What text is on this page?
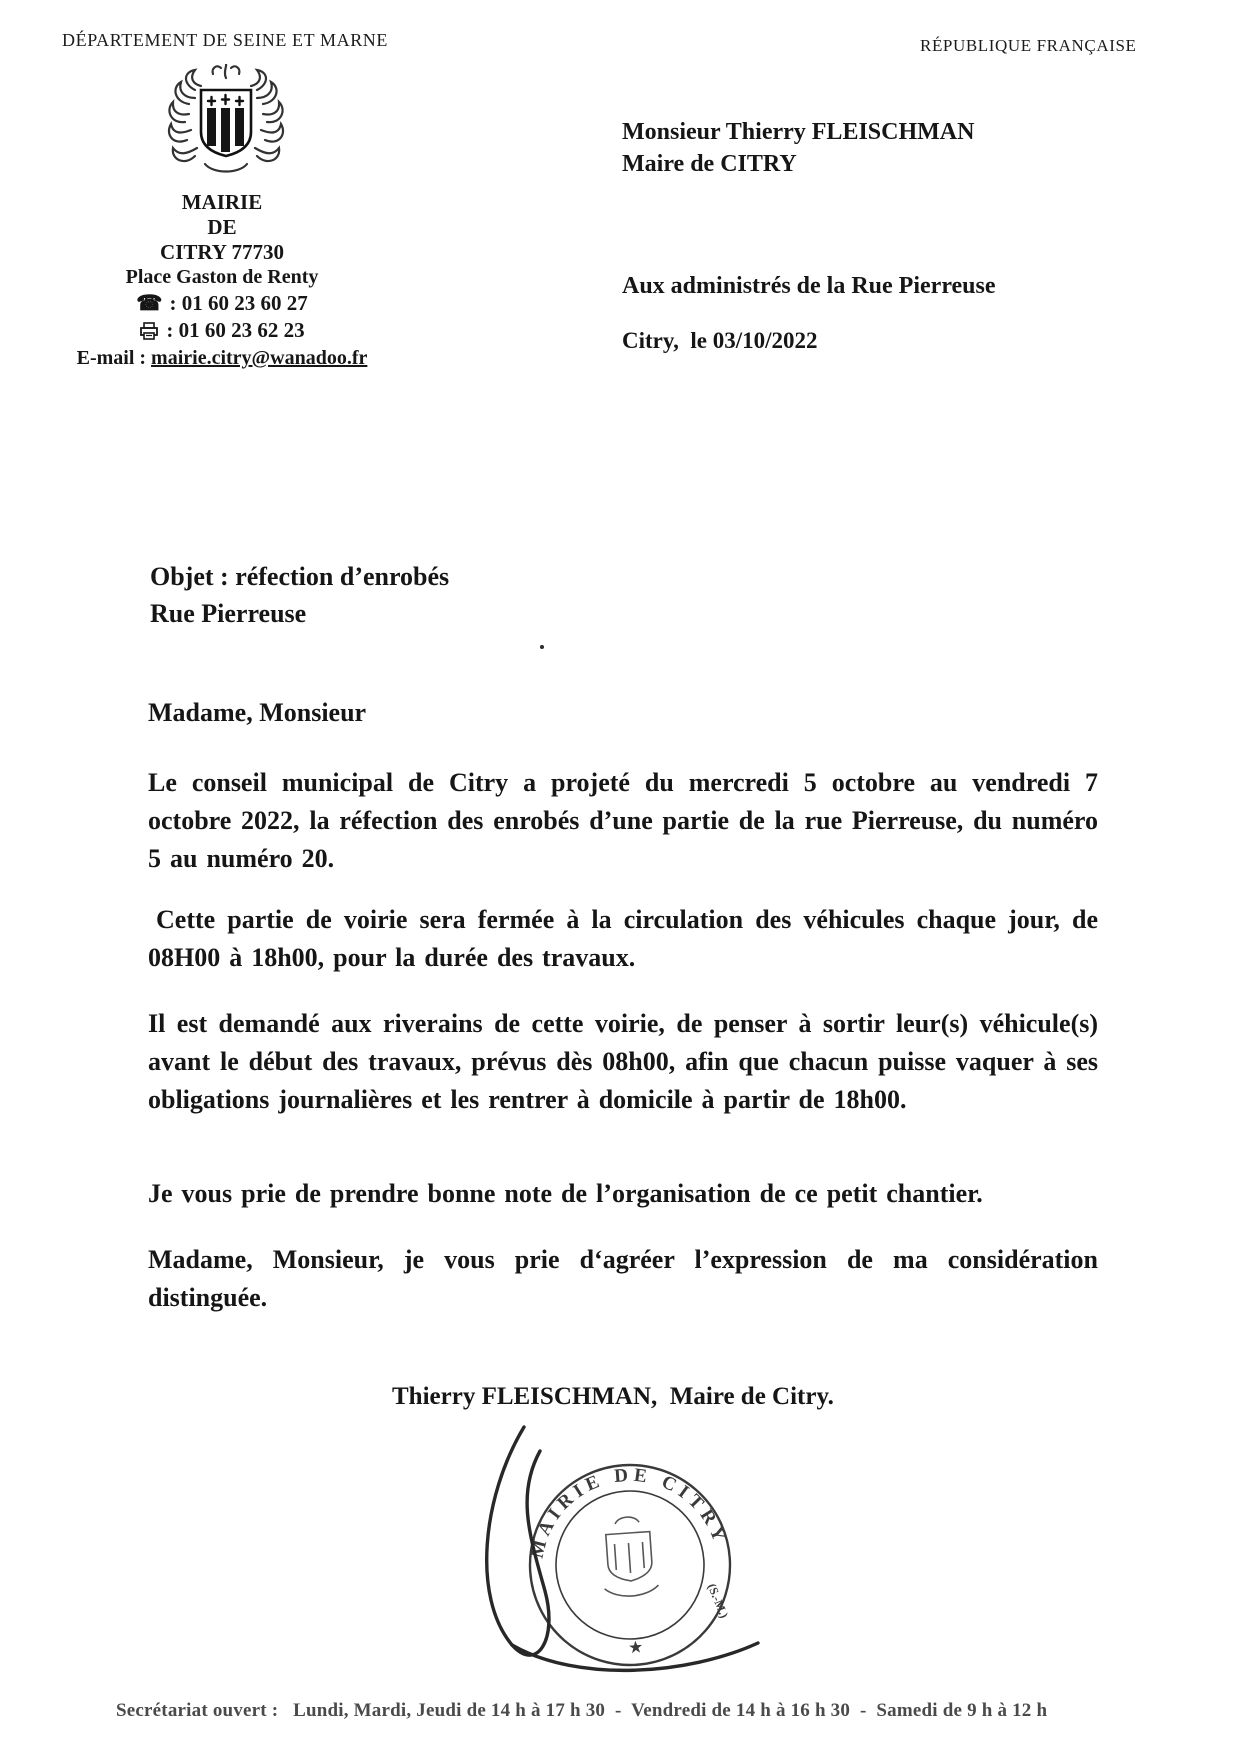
DÉPARTEMENT DE SEINE ET MARNE	RÉPUBLIQUE FRANÇAISE
MAIRIE
DE
CITRY 77730
Place Gaston de Renty
☎ : 01 60 23 60 27
: 01 60 23 62 23
E-mail : mairie.citry@wanadoo.fr
Monsieur Thierry FLEISCHMAN
Maire de CITRY
Aux administrés de la Rue Pierreuse
Citry,  le 03/10/2022
Objet : réfection d’enrobés
Rue Pierreuse
Madame, Monsieur

Le conseil municipal de Citry a projeté du mercredi 5 octobre au vendredi 7 octobre 2022, la réfection des enrobés d’une partie de la rue Pierreuse, du numéro 5 au numéro 20.

Cette partie de voirie sera fermée à la circulation des véhicules chaque jour, de 08H00 à 18h00, pour la durée des travaux.

Il est demandé aux riverains de cette voirie, de penser à sortir leur(s) véhicule(s) avant le début des travaux, prévus dès 08h00, afin que chacun puisse vaquer à ses obligations journalières et les rentrer à domicile à partir de 18h00.

Je vous prie de prendre bonne note de l’organisation de ce petit chantier.

Madame, Monsieur, je vous prie d‘agréer l’expression de ma considération distinguée.

Thierry FLEISCHMAN,  Maire de Citry.
MAIRIE DE CITRY
(S.-M.)
★
Secrétariat ouvert :   Lundi, Mardi, Jeudi de 14 h à 17 h 30  -  Vendredi de 14 h à 16 h 30  -  Samedi de 9 h à 12 h
